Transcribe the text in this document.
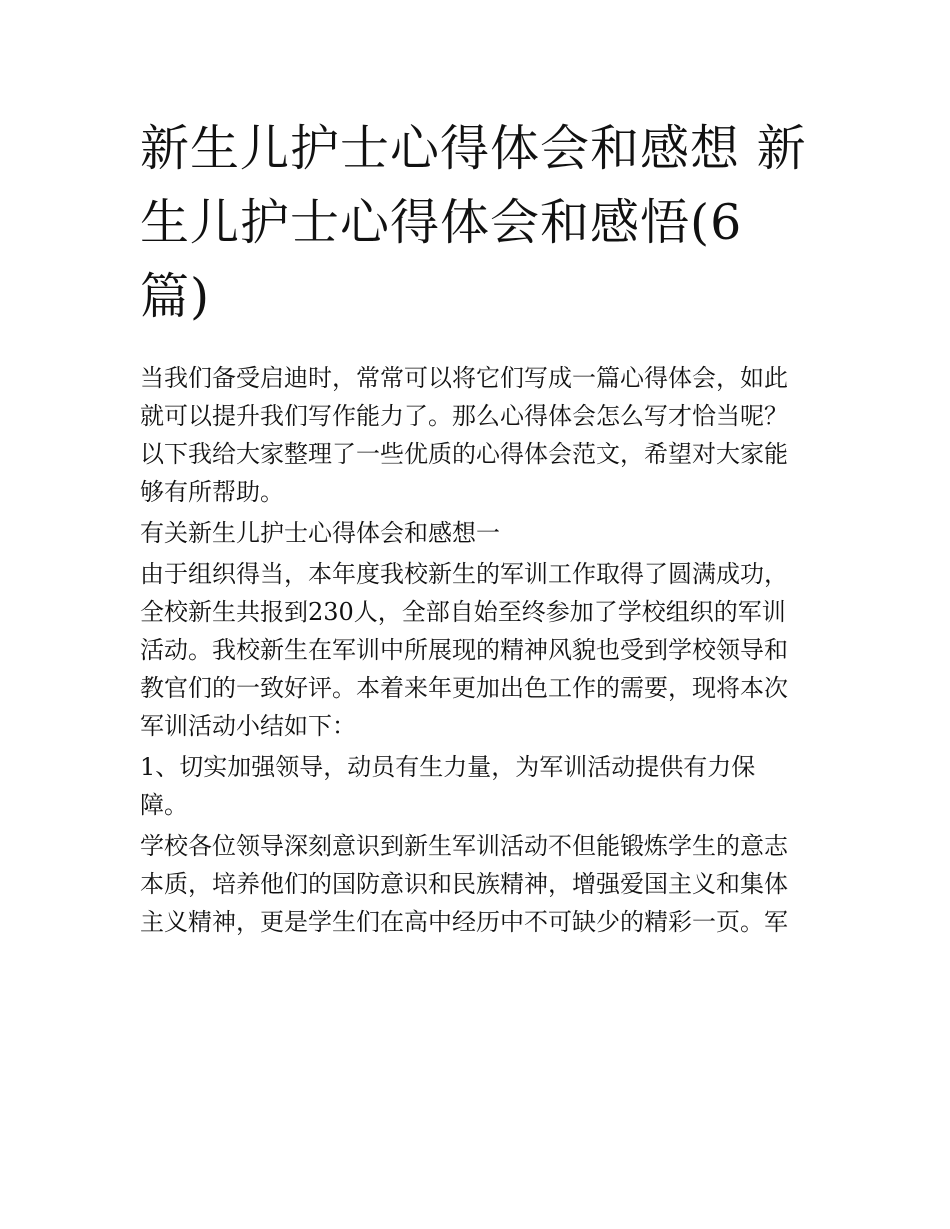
新生儿护士心得体会和感想 新
生儿护士心得体会和感悟(6
篇)
当我们备受启迪时，常常可以将它们写成一篇心得体会，如此
就可以提升我们写作能力了。那么心得体会怎么写才恰当呢？
以下我给大家整理了一些优质的心得体会范文，希望对大家能
够有所帮助。
有关新生儿护士心得体会和感想一
由于组织得当，本年度我校新生的军训工作取得了圆满成功，
全校新生共报到230人，全部自始至终参加了学校组织的军训
活动。我校新生在军训中所展现的精神风貌也受到学校领导和
教官们的一致好评。本着来年更加出色工作的需要，现将本次
军训活动小结如下：
1、切实加强领导，动员有生力量，为军训活动提供有力保
障。
学校各位领导深刻意识到新生军训活动不但能锻炼学生的意志
本质，培养他们的国防意识和民族精神，增强爱国主义和集体
主义精神，更是学生们在高中经历中不可缺少的精彩一页。军
